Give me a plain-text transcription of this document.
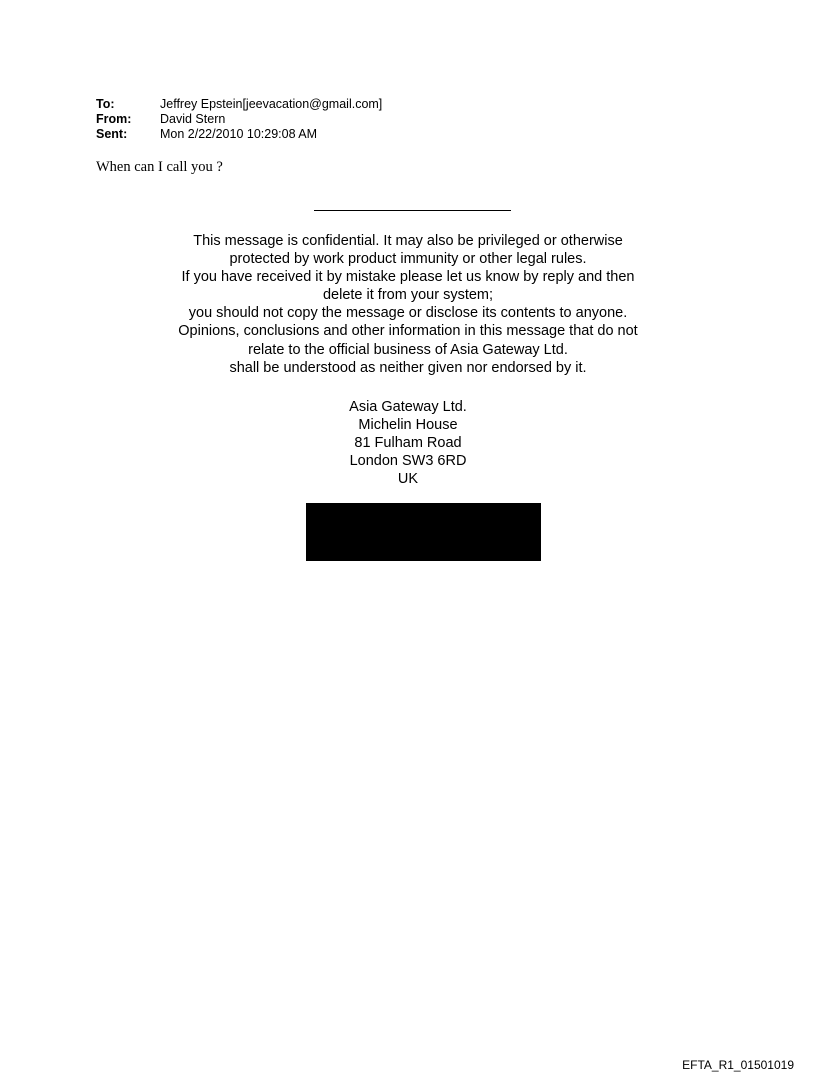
To:	Jeffrey Epstein[jeevacation@gmail.com]
From:	David Stern
Sent:	Mon 2/22/2010 10:29:08 AM
When can I call you ?
This message is confidential. It may also be privileged or otherwise
protected by work product immunity or other legal rules.
If you have received it by mistake please let us know by reply and then
delete it from your system;
you should not copy the message or disclose its contents to anyone.
Opinions, conclusions and other information in this message that do not
relate to the official business of Asia Gateway Ltd.
shall be understood as neither given nor endorsed by it.
Asia Gateway Ltd.
Michelin House
81 Fulham Road
London SW3 6RD
UK
EFTA_R1_01501019
